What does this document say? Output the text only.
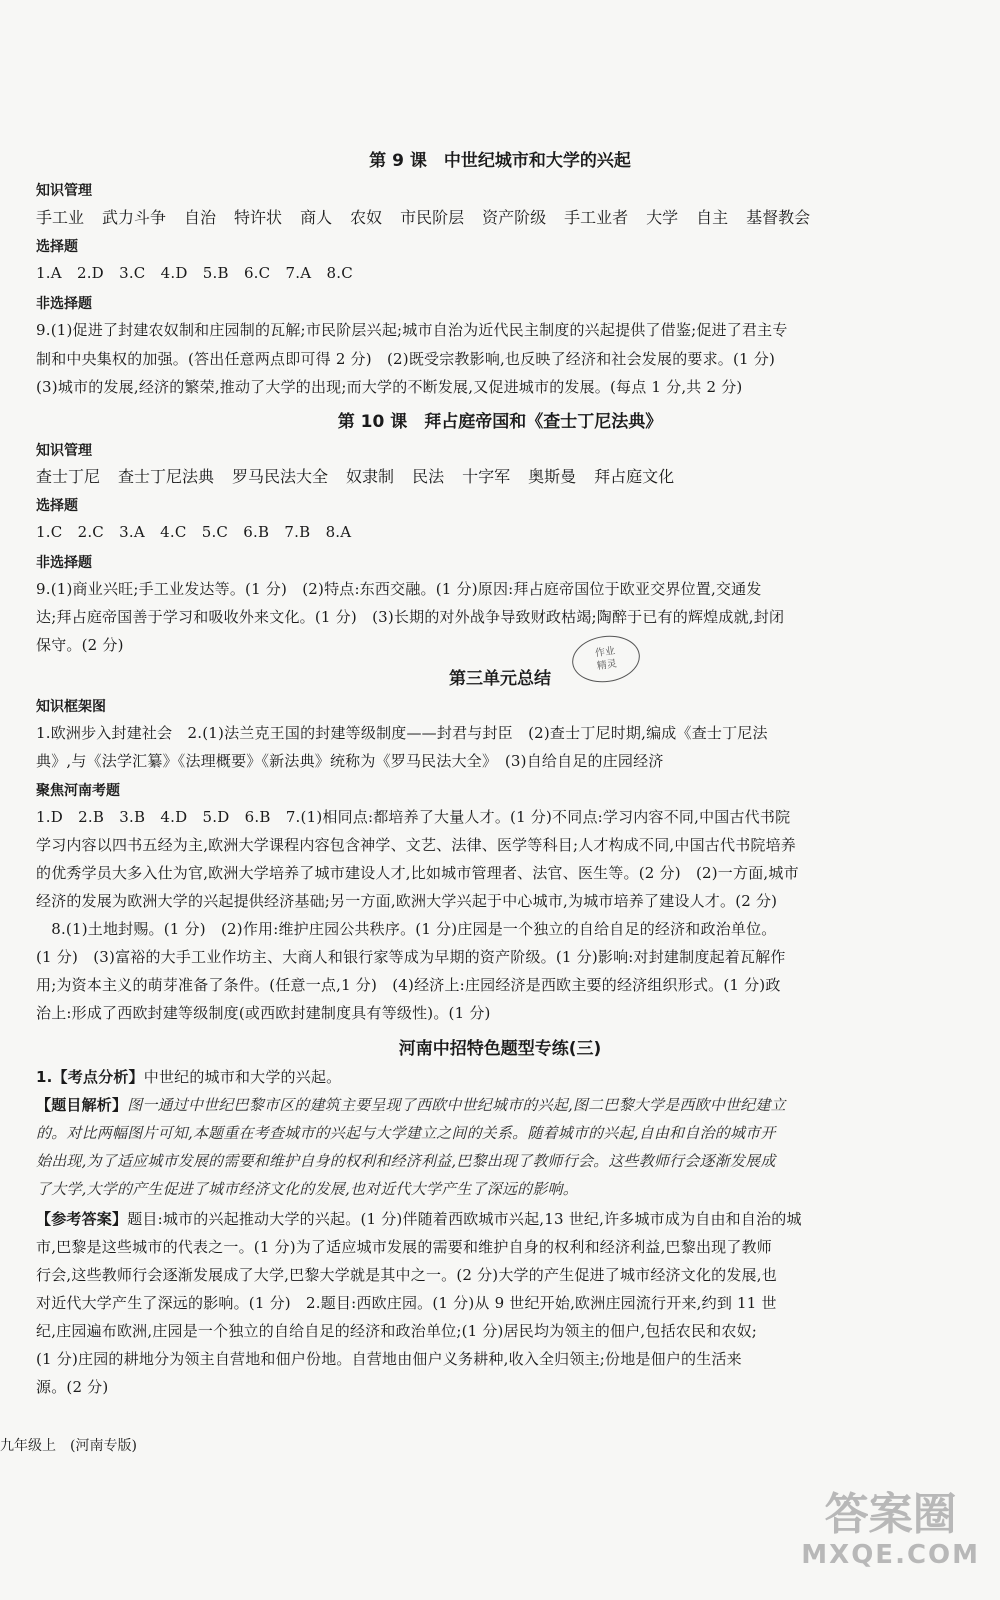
第 9 课　中世纪城市和大学的兴起

知识管理

手工业 武力斗争 自治 特许状 商人 农奴 市民阶层 资产阶级 手工业者 大学 自主 基督教会

选择题

1.A　2.D　3.C　4.D　5.B　6.C　7.A　8.C

非选择题

9.(1)促进了封建农奴制和庄园制的瓦解;市民阶层兴起;城市自治为近代民主制度的兴起提供了借鉴;促进了君主专

制和中央集权的加强。(答出任意两点即可得 2 分)　(2)既受宗教影响,也反映了经济和社会发展的要求。(1 分)

(3)城市的发展,经济的繁荣,推动了大学的出现;而大学的不断发展,又促进城市的发展。(每点 1 分,共 2 分)

第 10 课　拜占庭帝国和《查士丁尼法典》

知识管理

查士丁尼 查士丁尼法典 罗马民法大全 奴隶制 民法 十字军 奥斯曼 拜占庭文化

选择题

1.C　2.C　3.A　4.C　5.C　6.B　7.B　8.A

非选择题

9.(1)商业兴旺;手工业发达等。(1 分)　(2)特点:东西交融。(1 分)原因:拜占庭帝国位于欧亚交界位置,交通发

达;拜占庭帝国善于学习和吸收外来文化。(1 分)　(3)长期的对外战争导致财政枯竭;陶醉于已有的辉煌成就,封闭

保守。(2 分)	作业
精灵
第三单元总结

知识框架图

1.欧洲步入封建社会　2.(1)法兰克王国的封建等级制度——封君与封臣　(2)查士丁尼时期,编成《查士丁尼法

典》,与《法学汇纂》《法理概要》《新法典》统称为《罗马民法大全》　(3)自给自足的庄园经济

聚焦河南考题

1.D　2.B　3.B　4.D　5.D　6.B　7.(1)相同点:都培养了大量人才。(1 分)不同点:学习内容不同,中国古代书院

学习内容以四书五经为主,欧洲大学课程内容包含神学、文艺、法律、医学等科目;人才构成不同,中国古代书院培养

的优秀学员大多入仕为官,欧洲大学培养了城市建设人才,比如城市管理者、法官、医生等。(2 分)　(2)一方面,城市

经济的发展为欧洲大学的兴起提供经济基础;另一方面,欧洲大学兴起于中心城市,为城市培养了建设人才。(2 分)

　8.(1)土地封赐。(1 分)　(2)作用:维护庄园公共秩序。(1 分)庄园是一个独立的自给自足的经济和政治单位。

(1 分)　(3)富裕的大手工业作坊主、大商人和银行家等成为早期的资产阶级。(1 分)影响:对封建制度起着瓦解作

用;为资本主义的萌芽准备了条件。(任意一点,1 分)　(4)经济上:庄园经济是西欧主要的经济组织形式。(1 分)政

治上:形成了西欧封建等级制度(或西欧封建制度具有等级性)。(1 分)

河南中招特色题型专练(三)

1.【考点分析】中世纪的城市和大学的兴起。

【题目解析】图一通过中世纪巴黎市区的建筑主要呈现了西欧中世纪城市的兴起,图二巴黎大学是西欧中世纪建立

的。对比两幅图片可知,本题重在考查城市的兴起与大学建立之间的关系。随着城市的兴起,自由和自治的城市开

始出现,为了适应城市发展的需要和维护自身的权利和经济利益,巴黎出现了教师行会。这些教师行会逐渐发展成

了大学,大学的产生促进了城市经济文化的发展,也对近代大学产生了深远的影响。

【参考答案】题目:城市的兴起推动大学的兴起。(1 分)伴随着西欧城市兴起,13 世纪,许多城市成为自由和自治的城

市,巴黎是这些城市的代表之一。(1 分)为了适应城市发展的需要和维护自身的权利和经济利益,巴黎出现了教师

行会,这些教师行会逐渐发展成了大学,巴黎大学就是其中之一。(2 分)大学的产生促进了城市经济文化的发展,也

对近代大学产生了深远的影响。(1 分)　2.题目:西欧庄园。(1 分)从 9 世纪开始,欧洲庄园流行开来,约到 11 世

纪,庄园遍布欧洲,庄园是一个独立的自给自足的经济和政治单位;(1 分)居民均为领主的佃户,包括农民和农奴;

(1 分)庄园的耕地分为领主自营地和佃户份地。自营地由佃户义务耕种,收入全归领主;份地是佃户的生活来

源。(2 分)

九年级上　(河南专版)

答案圈
MXQE.COM
